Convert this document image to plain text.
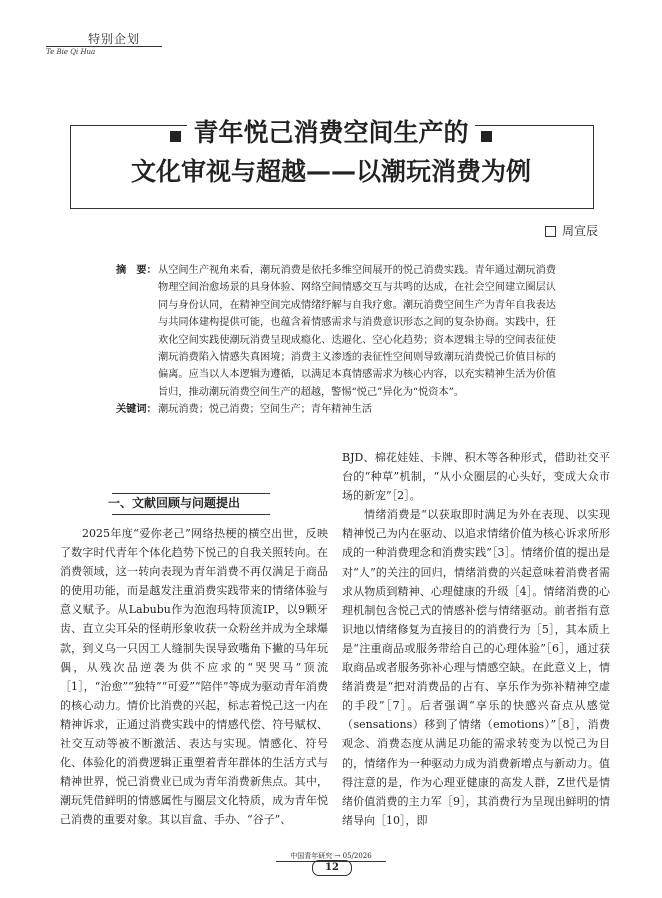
特别企划
Te Bie Qi Hua
青年悦己消费空间生产的
文化审视与超越——以潮玩消费为例
周宣辰
摘　要： 从空间生产视角来看，潮玩消费是依托多维空间展开的悦己消费实践。青年通过潮玩消费物理空间治愈场景的具身体验、网络空间情感交互与共鸣的达成，在社会空间建立圈层认同与身份认同，在精神空间完成情绪纾解与自我疗愈。潮玩消费空间生产为青年自我表达与共同体建构提供可能，也蕴含着情感需求与消费意识形态之间的复杂协商。实践中，狂欢化空间实践使潮玩消费呈现成瘾化、迭避化、空心化趋势；资本逻辑主导的空间表征使潮玩消费陷入情感失真困境；消费主义渗透的表征性空间则导致潮玩消费悦己价值目标的偏离。应当以人本逻辑为遵循，以满足本真情感需求为核心内容，以充实精神生活为价值旨归，推动潮玩消费空间生产的超越，警惕“悦己”异化为“悦资本”。
关键词： 潮玩消费；悦己消费；空间生产；青年精神生活
一、文献回顾与问题提出

2025年度“爱你老己”网络热梗的横空出世，反映了数字时代青年个体化趋势下悦己的自我关照转向。在消费领域，这一转向表现为青年消费不再仅满足于商品的使用功能，而是越发注重消费实践带来的情绪体验与意义赋予。从Labubu作为泡泡玛特顶流IP，以9颗牙齿、直立尖耳朵的怪萌形象收获一众粉丝并成为全球爆款，到义乌一只因工人缝制失误导致嘴角下撇的马年玩偶，从残次品逆袭为供不应求的“哭哭马”顶流［1］，“治愈”“独特”“可爱”“陪伴”等成为驱动青年消费的核心动力。情价比消费的兴起，标志着悦己这一内在精神诉求，正通过消费实践中的情感代偿、符号赋权、社交互动等被不断激活、表达与实现。情感化、符号化、体验化的消费逻辑正重塑着青年群体的生活方式与精神世界，悦己消费业已成为青年消费新焦点。其中，潮玩凭借鲜明的情感属性与圈层文化特质，成为青年悦己消费的重要对象。其以盲盒、手办、“谷子”、

BJD、棉花娃娃、卡牌、积木等各种形式，借助社交平台的“种草”机制，“从小众圈层的心头好，变成大众市场的新宠”［2］。

情绪消费是“以获取即时满足为外在表现、以实现精神悦己为内在驱动、以追求情绪价值为核心诉求所形成的一种消费理念和消费实践”［3］。情绪价值的提出是对“人”的关注的回归，情绪消费的兴起意味着消费者需求从物质到精神、心理健康的升级［4］。情绪消费的心理机制包含悦己式的情感补偿与情绪驱动。前者指有意识地以情绪修复为直接目的的消费行为［5］，其本质上是“注重商品或服务带给自己的心理体验”［6］，通过获取商品或者服务弥补心理与情感空缺。在此意义上，情绪消费是“把对消费品的占有、享乐作为弥补精神空虚的手段”［7］。后者强调“享乐的快感兴奋点从感觉（sensations）移到了情绪（emotions）”［8］，消费观念、消费态度从满足功能的需求转变为以悦己为目的，情绪作为一种驱动力成为消费新增点与新动力。值得注意的是，作为心理亚健康的高发人群，Z世代是情绪价值消费的主力军［9］，其消费行为呈现出鲜明的情绪导向［10］，即

中国青年研究 → 05/2026
12
